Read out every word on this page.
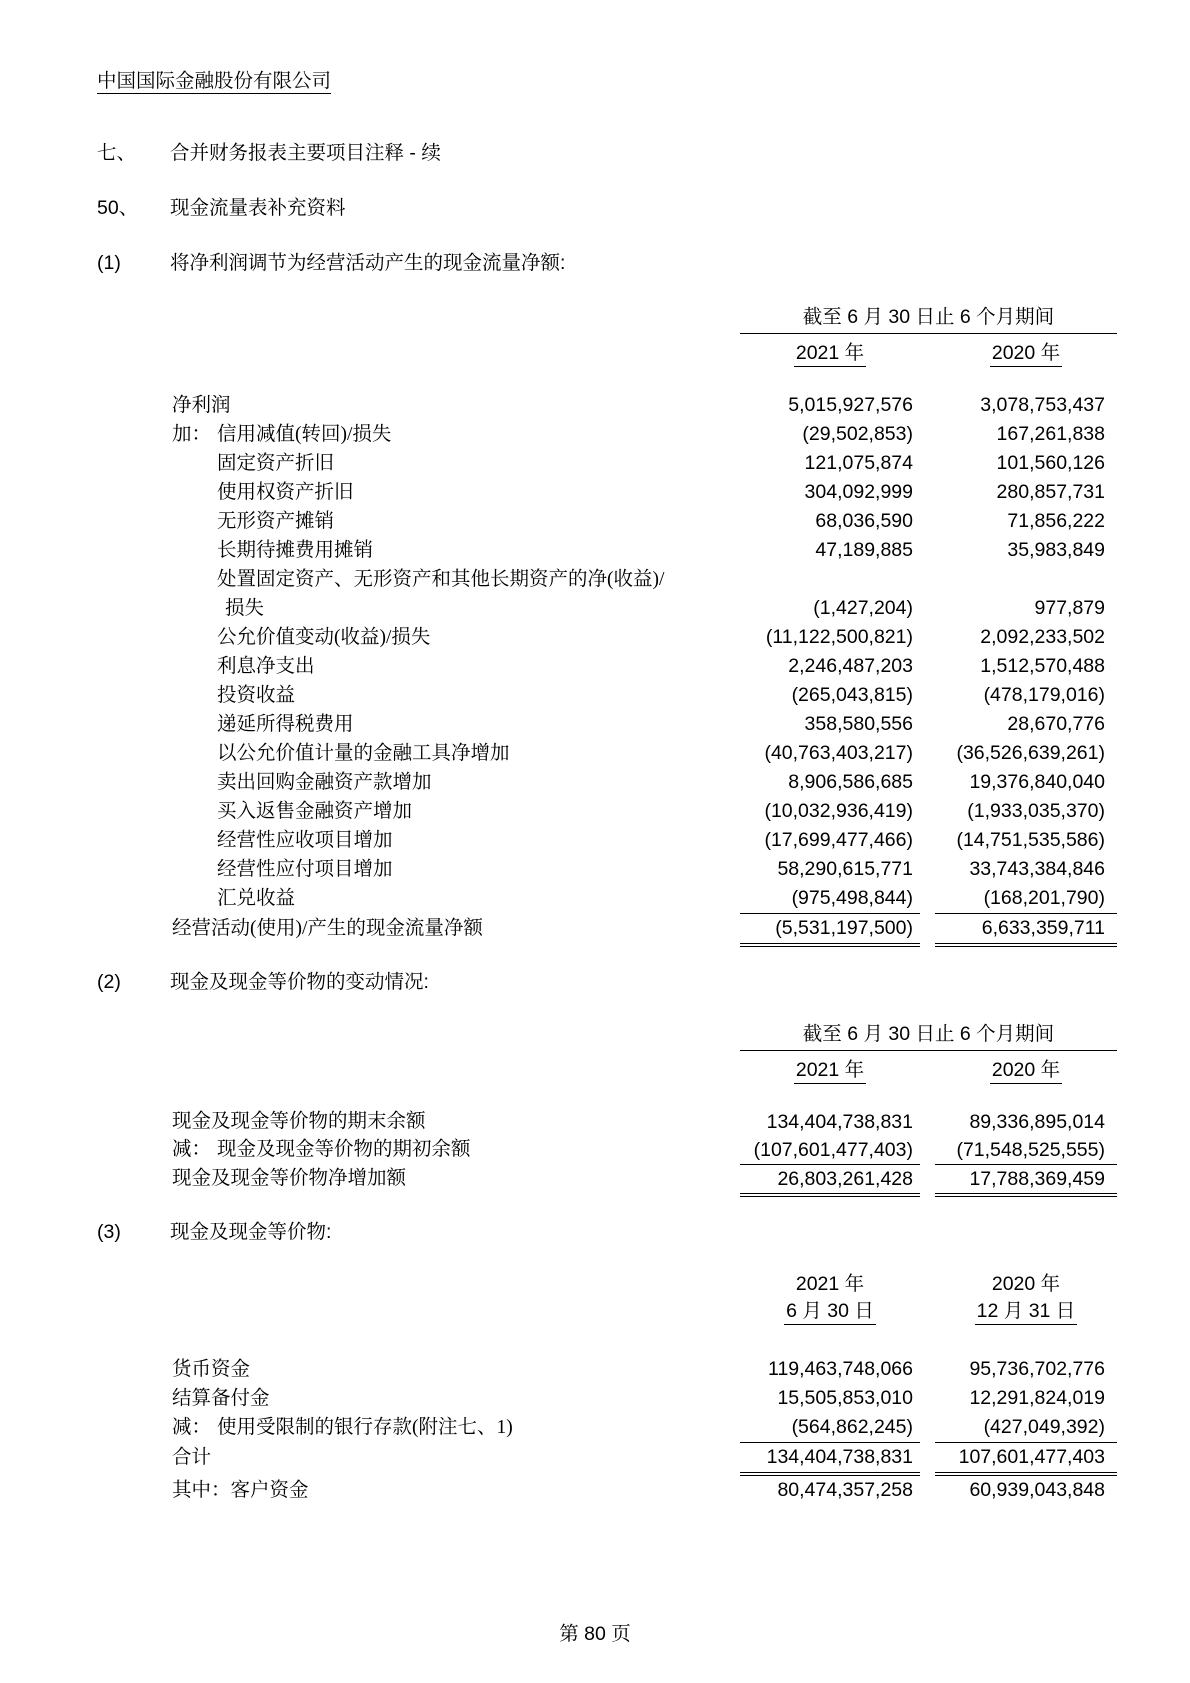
中国国际金融股份有限公司
七、	合并财务报表主要项目注释 - 续
50、	现金流量表补充资料
(1)	将净利润调节为经营活动产生的现金流量净额:
截至 6 月 30 日止 6 个月期间
2021 年	2020 年
净利润	5,015,927,576	3,078,753,437
加： 信用减值(转回)/损失	(29,502,853)	167,261,838
固定资产折旧	121,075,874	101,560,126
使用权资产折旧	304,092,999	280,857,731
无形资产摊销	68,036,590	71,856,222
长期待摊费用摊销	47,189,885	35,983,849
处置固定资产、无形资产和其他长期资产的净(收益)/
损失	(1,427,204)	977,879
公允价值变动(收益)/损失	(11,122,500,821)	2,092,233,502
利息净支出	2,246,487,203	1,512,570,488
投资收益	(265,043,815)	(478,179,016)
递延所得税费用	358,580,556	28,670,776
以公允价值计量的金融工具净增加	(40,763,403,217)	(36,526,639,261)
卖出回购金融资产款增加	8,906,586,685	19,376,840,040
买入返售金融资产增加	(10,032,936,419)	(1,933,035,370)
经营性应收项目增加	(17,699,477,466)	(14,751,535,586)
经营性应付项目增加	58,290,615,771	33,743,384,846
汇兑收益	(975,498,844)	(168,201,790)
经营活动(使用)/产生的现金流量净额	(5,531,197,500)	6,633,359,711
(2)	现金及现金等价物的变动情况:
截至 6 月 30 日止 6 个月期间
2021 年	2020 年
现金及现金等价物的期末余额	134,404,738,831	89,336,895,014
减： 现金及现金等价物的期初余额	(107,601,477,403)	(71,548,525,555)
现金及现金等价物净增加额	26,803,261,428	17,788,369,459
(3)	现金及现金等价物:
2021 年	2020 年
6 月 30 日	12 月 31 日
货币资金	119,463,748,066	95,736,702,776
结算备付金	15,505,853,010	12,291,824,019
减： 使用受限制的银行存款(附注七、1)	(564,862,245)	(427,049,392)
合计	134,404,738,831	107,601,477,403
其中：客户资金	80,474,357,258	60,939,043,848
第 80 页
